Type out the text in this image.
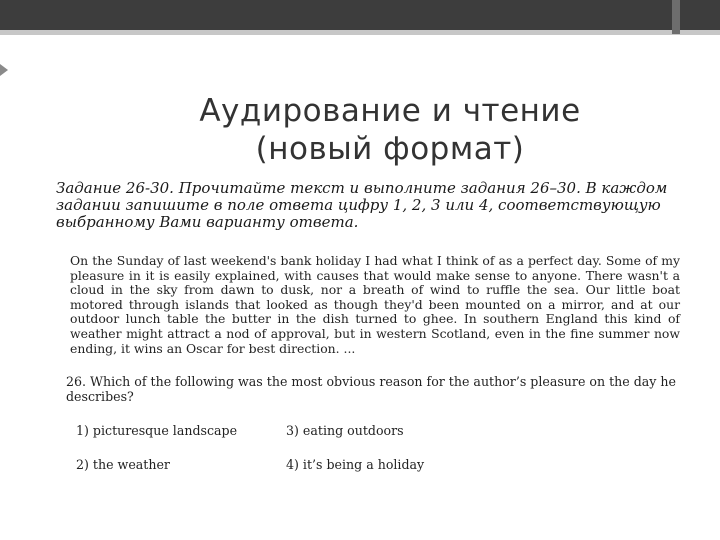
Аудирование и чтение
(новый формат)
Задание 26-30. Прочитайте текст и выполните задания 26–30. В каждом задании запишите в поле ответа цифру 1, 2, 3 или 4, соответствующую выбранному Вами варианту ответа.
On the Sunday of last weekend's bank holiday I had what I think of as a perfect day. Some of my pleasure in it is easily explained, with causes that would make sense to anyone. There wasn't a cloud in the sky from dawn to dusk, nor a breath of wind to ruffle the sea. Our little boat motored through islands that looked as though they'd been mounted on a mirror, and at our outdoor lunch table the butter in the dish turned to ghee. In southern England this kind of weather might attract a nod of approval, but in western Scotland, even in the fine summer now ending, it wins an Oscar for best direction. ...
26. Which of the following was the most obvious reason for the author’s pleasure on the day he describes?
1) picturesque landscape	3) eating outdoors
2) the weather	4) it’s being a holiday
